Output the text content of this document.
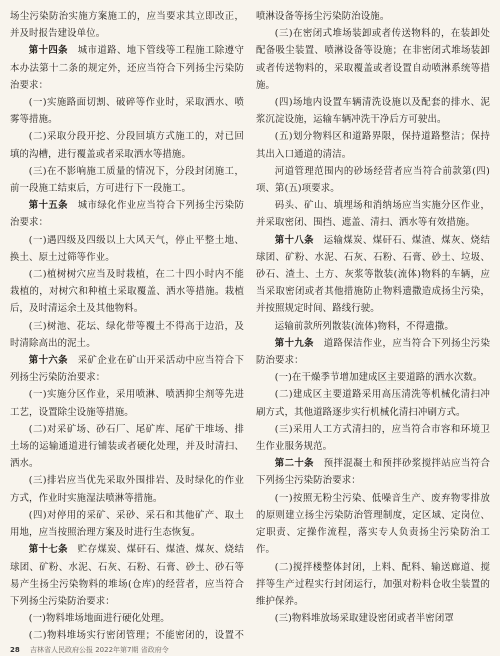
场尘污染防治实施方案施工的，应当要求其立即改正，并及时报告建设单位。

第十四条  城市道路、地下管线等工程施工除遵守本办法第十二条的规定外，还应当符合下列扬尘污染防治要求：

(一)实施路面切割、破碎等作业时，采取洒水、喷雾等措施。

(二)采取分段开挖、分段回填方式施工的，对已回填的沟槽，进行覆盖或者采取洒水等措施。

(三)在不影响施工质量的情况下，分段封闭施工，前一段施工结束后，方可进行下一段施工。

第十五条  城市绿化作业应当符合下列扬尘污染防治要求：

(一)遇四级及四级以上大风天气，停止平整土地、换土、原土过筛等作业。

(二)植树树穴应当及时栽植，在二十四小时内不能栽植的，对树穴和种植土采取覆盖、洒水等措施。栽植后，及时清运余土及其他物料。

(三)树池、花坛、绿化带等覆土不得高于边沿，及时清除高出的泥土。

第十六条  采矿企业在矿山开采活动中应当符合下列扬尘污染防治要求：

(一)实施分区作业，采用喷淋、喷洒抑尘剂等先进工艺，设置除尘设施等措施。

(二)对采矿场、砂石厂、尾矿库、尾矿干堆场、排土场的运输通道进行铺装或者硬化处理，并及时清扫、洒水。

(三)排岩应当优先采取外围排岩、及时绿化的作业方式，作业时实施湿法喷淋等措施。

(四)对停用的采矿、采砂、采石和其他矿产、取土用地，应当按照治理方案及时进行生态恢复。

第十七条  贮存煤炭、煤矸石、煤渣、煤灰、烧结球团、矿粉、水泥、石灰、石粉、石膏、砂土、砂石等易产生扬尘污染物料的堆场(仓库)的经营者，应当符合下列扬尘污染防治要求：

(一)物料堆场地面进行硬化处理。

(二)物料堆场实行密闭管理；不能密闭的，设置不

喷淋设备等扬尘污染防治设施。

(三)在密闭式堆场装卸或者传送物料的，在装卸处配备吸尘装置、喷淋设备等设施；在非密闭式堆场装卸或者传送物料的，采取覆盖或者设置自动喷淋系统等措施。

(四)场地内设置车辆清洗设施以及配套的排水、泥浆沉淀设施，运输车辆冲洗干净后方可驶出。

(五)划分物料区和道路界限，保持道路整洁；保持其出入口通道的清洁。

河道管理范围内的砂场经营者应当符合前款第(四)项、第(五)项要求。

码头、矿山、填埋场和消纳场应当实施分区作业，并采取密闭、围挡、遮盖、清扫、洒水等有效措施。

第十八条  运输煤炭、煤矸石、煤渣、煤灰、烧结球团、矿粉、水泥、石灰、石粉、石膏、砂土、垃圾、砂石、渣土、土方、灰浆等散装(流体)物料的车辆，应当采取密闭或者其他措施防止物料遗撒造成扬尘污染，并按照规定时间、路线行驶。

运输前款所列散装(流体)物料，不得遗撒。

第十九条  道路保洁作业，应当符合下列扬尘污染防治要求：

(一)在干燥季节增加建成区主要道路的洒水次数。

(二)建成区主要道路采用高压清洗等机械化清扫冲刷方式，其他道路逐步实行机械化清扫冲刷方式。

(三)采用人工方式清扫的，应当符合市容和环境卫生作业服务规范。

第二十条  预拌混凝土和预拌砂浆搅拌站应当符合下列扬尘污染防治要求：

(一)按照无粉尘污染、低噪音生产、废弃物零排放的原则建立扬尘污染防治管理制度，定区域、定岗位、定职责、定操作流程，落实专人负责扬尘污染防治工作。

(二)搅拌楼整体封闭，上料、配料、输送廊道、搅拌等生产过程实行封闭运行，加强对粉料仓收尘装置的维护保养。

(三)物料堆放场采取建设密闭或者半密闭罩

28 吉林省人民政府公报 2022年第7期 省政府令
